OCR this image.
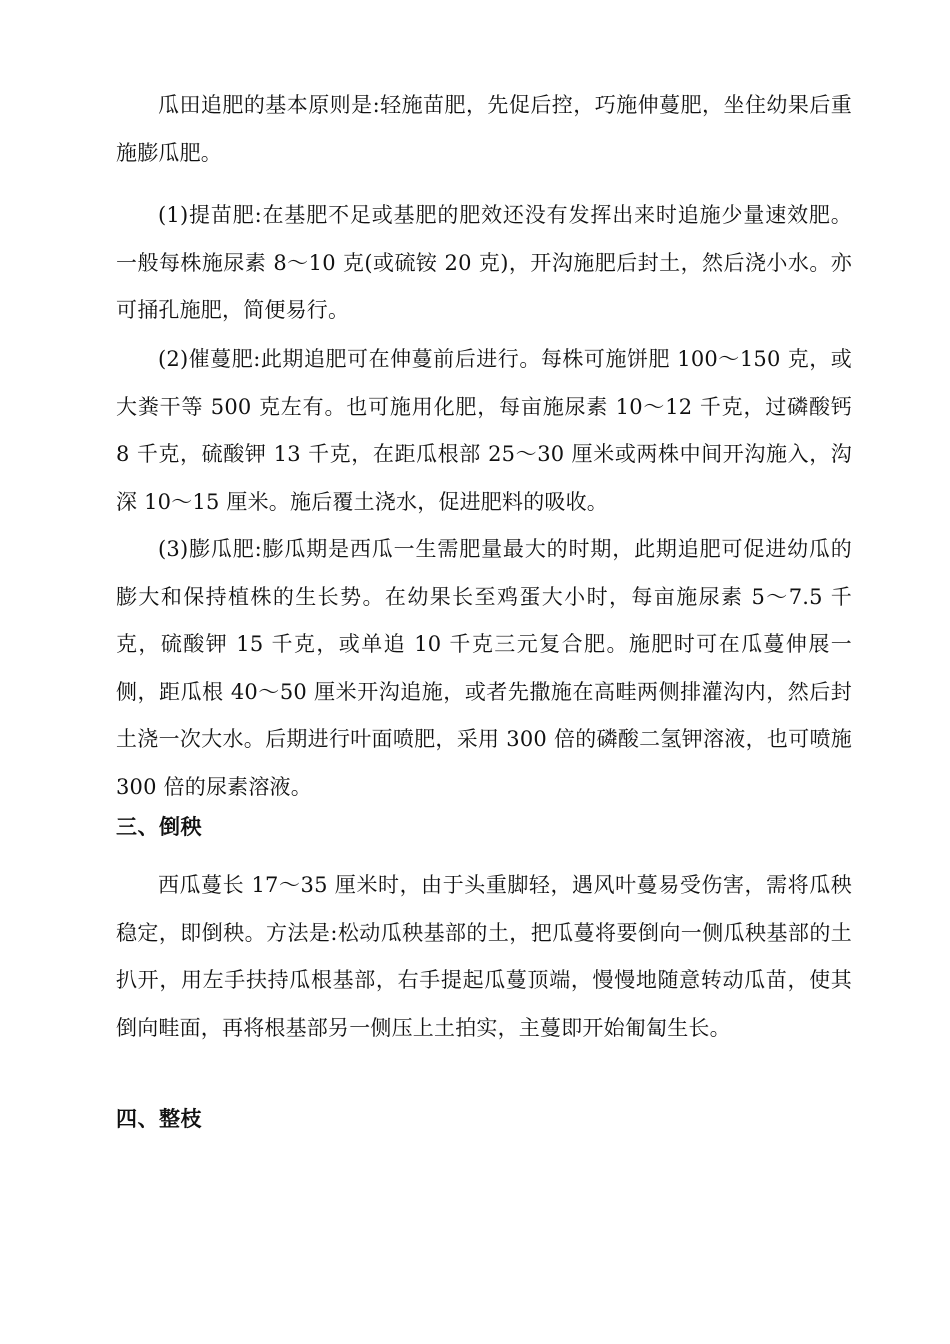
瓜田追肥的基本原则是:轻施苗肥，先促后控，巧施伸蔓肥，坐住幼果后重施膨瓜肥。

(1)提苗肥:在基肥不足或基肥的肥效还没有发挥出来时追施少量速效肥。一般每株施尿素 8～10 克(或硫铵 20 克)，开沟施肥后封土，然后浇小水。亦可捅孔施肥，简便易行。

(2)催蔓肥:此期追肥可在伸蔓前后进行。每株可施饼肥 100～150 克，或大粪干等 500 克左有。也可施用化肥，每亩施尿素 10～12 千克，过磷酸钙 8 千克，硫酸钾 13 千克，在距瓜根部 25～30 厘米或两株中间开沟施入，沟深 10～15 厘米。施后覆土浇水，促进肥料的吸收。

(3)膨瓜肥:膨瓜期是西瓜一生需肥量最大的时期，此期追肥可促进幼瓜的膨大和保持植株的生长势。在幼果长至鸡蛋大小时，每亩施尿素 5～7.5 千克，硫酸钾 15 千克，或单追 10 千克三元复合肥。施肥时可在瓜蔓伸展一侧，距瓜根 40～50 厘米开沟追施，或者先撒施在高畦两侧排灌沟内，然后封土浇一次大水。后期进行叶面喷肥，采用 300 倍的磷酸二氢钾溶液，也可喷施 300 倍的尿素溶液。

三、倒秧

西瓜蔓长 17～35 厘米时，由于头重脚轻，遇风叶蔓易受伤害，需将瓜秧稳定，即倒秧。方法是:松动瓜秧基部的土，把瓜蔓将要倒向一侧瓜秧基部的土扒开，用左手扶持瓜根基部，右手提起瓜蔓顶端，慢慢地随意转动瓜苗，使其倒向畦面，再将根基部另一侧压上土拍实，主蔓即开始匍匐生长。

四、整枝
